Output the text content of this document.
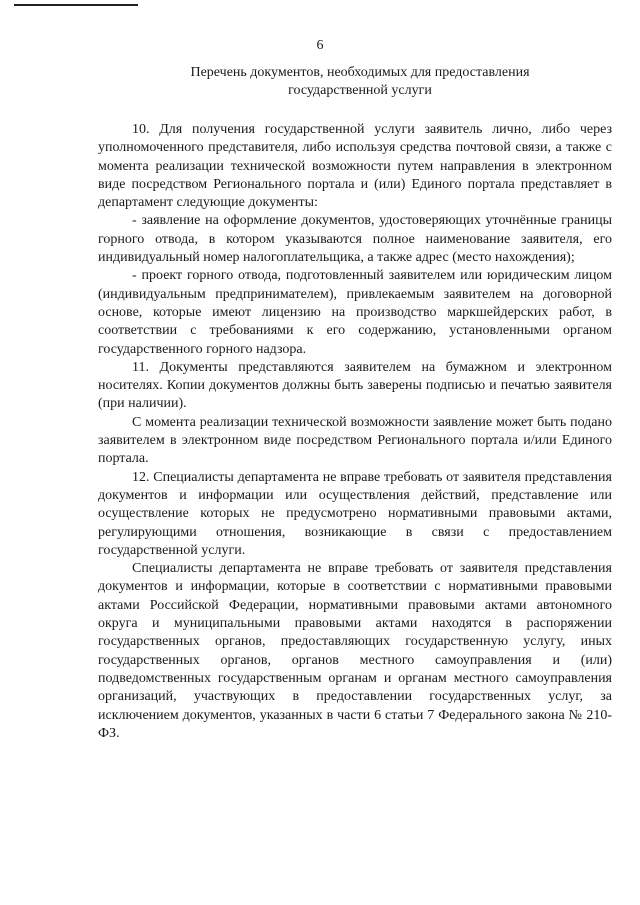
6
Перечень документов, необходимых для предоставления государственной услуги

10. Для получения государственной услуги заявитель лично, либо через уполномоченного представителя, либо используя средства почтовой связи, а также с момента реализации технической возможности путем направления в электронном виде посредством Регионального портала и (или) Единого портала представляет в департамент следующие документы:

- заявление на оформление документов, удостоверяющих уточнённые границы горного отвода, в котором указываются полное наименование заявителя, его индивидуальный номер налогоплательщика, а также адрес (место нахождения);

- проект горного отвода, подготовленный заявителем или юридическим лицом (индивидуальным предпринимателем), привлекаемым заявителем на договорной основе, которые имеют лицензию на производство маркшейдерских работ, в соответствии с требованиями к его содержанию, установленными органом государственного горного надзора.

11. Документы представляются заявителем на бумажном и электронном носителях. Копии документов должны быть заверены подписью и печатью заявителя (при наличии).

С момента реализации технической возможности заявление может быть подано заявителем в электронном виде посредством Регионального портала и/или Единого портала.

12. Специалисты департамента не вправе требовать от заявителя представления документов и информации или осуществления действий, представление или осуществление которых не предусмотрено нормативными правовыми актами, регулирующими отношения, возникающие в связи с предоставлением государственной услуги.

Специалисты департамента не вправе требовать от заявителя представления документов и информации, которые в соответствии с нормативными правовыми актами Российской Федерации, нормативными правовыми актами автономного округа и муниципальными правовыми актами находятся в распоряжении государственных органов, предоставляющих государственную услугу, иных государственных органов, органов местного самоуправления и (или) подведомственных государственным органам и органам местного самоуправления организаций, участвующих в предоставлении государственных услуг, за исключением документов, указанных в части 6 статьи 7 Федерального закона № 210-ФЗ.
